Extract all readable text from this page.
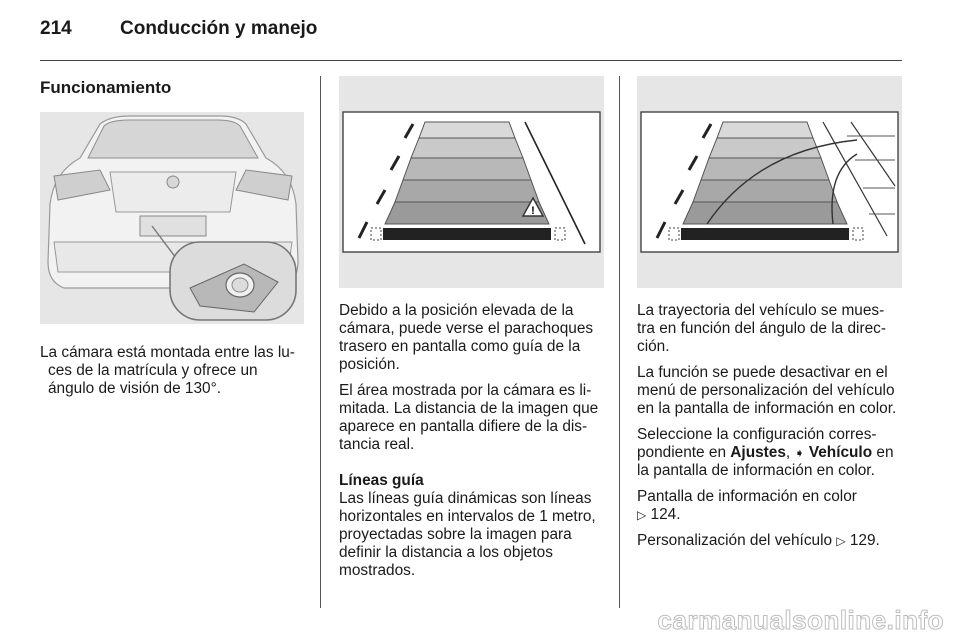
214	Conducción y manejo
Funcionamiento

La cámara está montada entre las lu-ces de la matrícula y ofrece un ángulo de visión de 130°.

!

Debido a la posición elevada de la cámara, puede verse el parachoques trasero en pantalla como guía de la posición.

El área mostrada por la cámara es li-mitada. La distancia de la imagen que aparece en pantalla difiere de la dis-tancia real.

Líneas guía

Las líneas guía dinámicas son líneas horizontales en intervalos de 1 metro, proyectadas sobre la imagen para definir la distancia a los objetos mostrados.

La trayectoria del vehículo se mues-tra en función del ángulo de la direc-ción.

La función se puede desactivar en el menú de personalización del vehículo en la pantalla de información en color.

Seleccione la configuración corres-pondiente en Ajustes, ➧ Vehículo en la pantalla de información en color.

Pantalla de información en color
▷ 124.

Personalización del vehículo ▷ 129.

carmanualsonline.info
